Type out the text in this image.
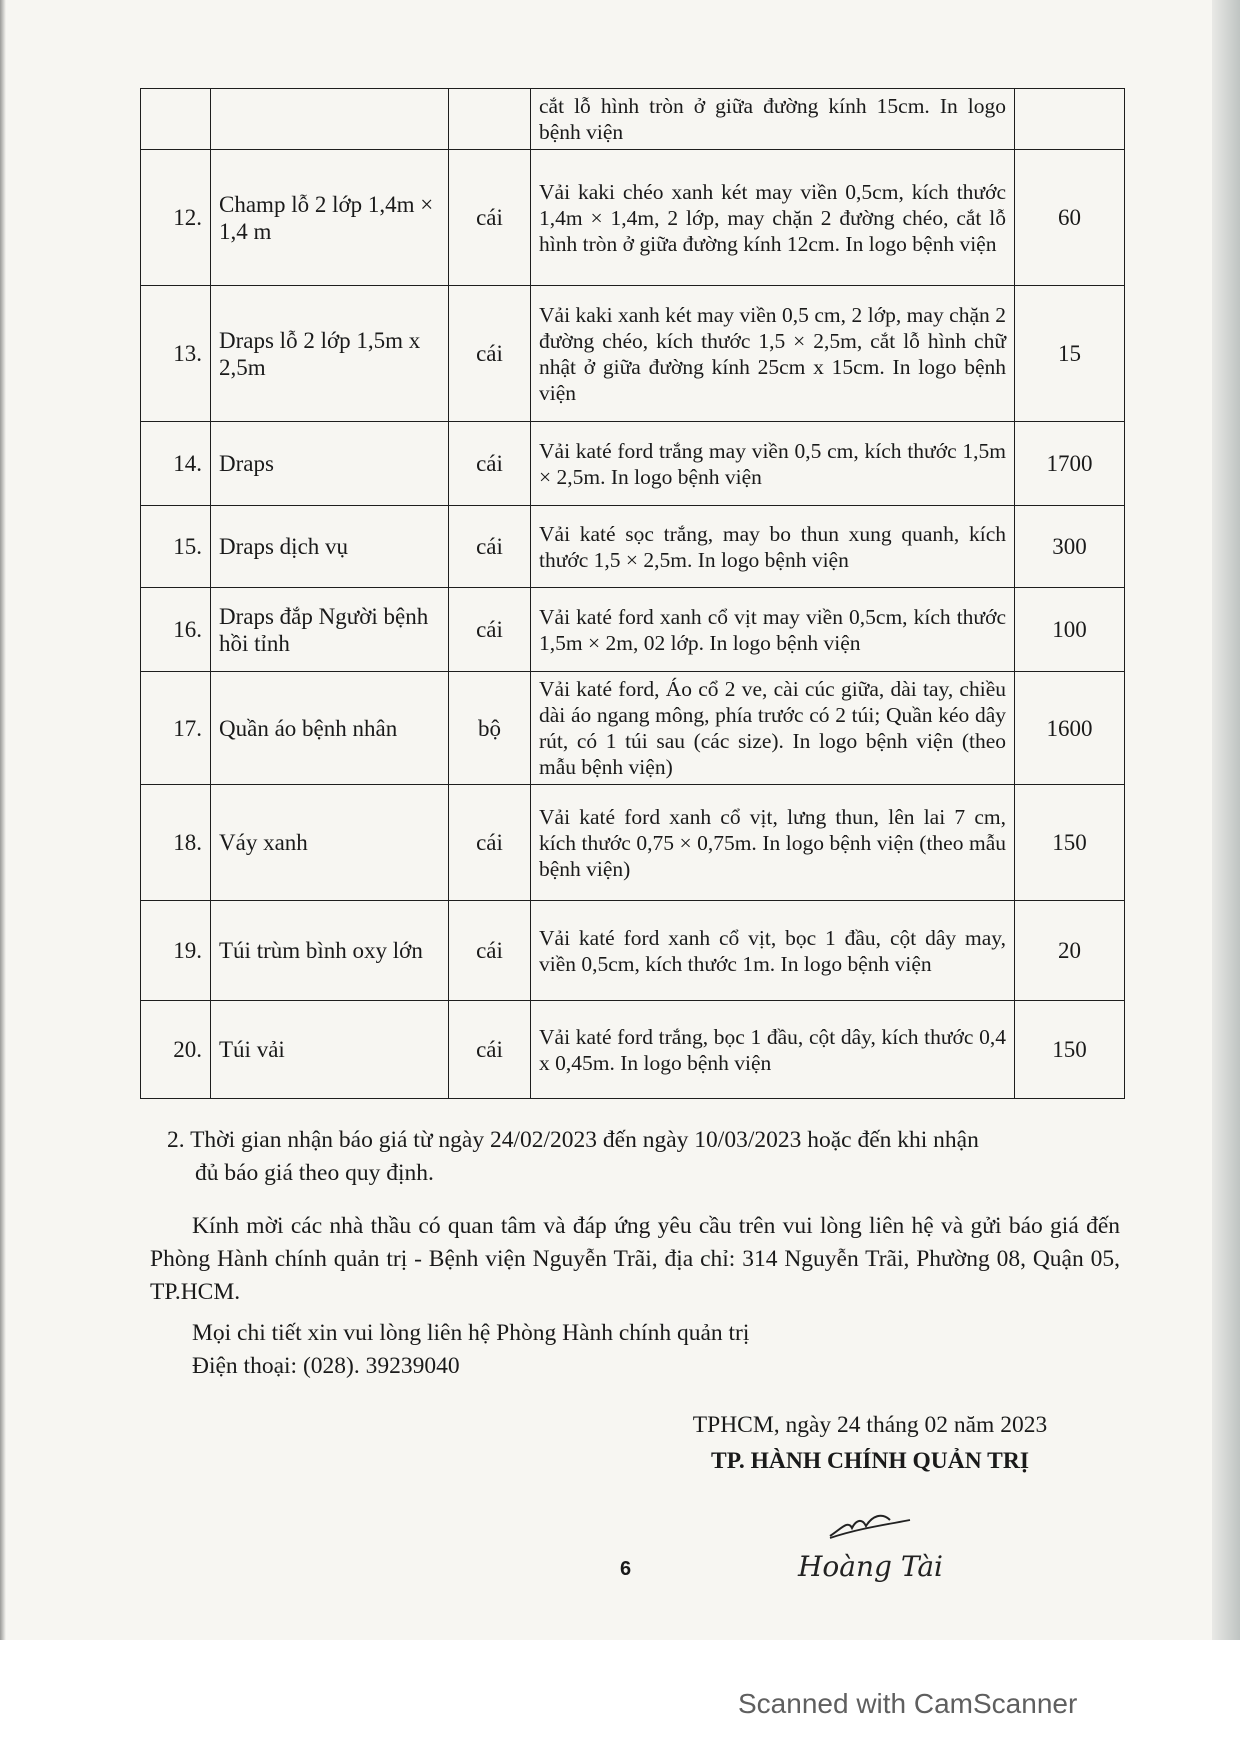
			cắt lỗ hình tròn ở giữa đường kính 15cm. In logo bệnh viện	
12.	Champ lỗ 2 lớp 1,4m × 1,4 m	cái	Vải kaki chéo xanh két may viền 0,5cm, kích thước 1,4m × 1,4m, 2 lớp, may chặn 2 đường chéo, cắt lỗ hình tròn ở giữa đường kính 12cm. In logo bệnh viện	60
13.	Draps lỗ 2 lớp 1,5m x 2,5m	cái	Vải kaki xanh két may viền 0,5 cm, 2 lớp, may chặn 2 đường chéo, kích thước 1,5 × 2,5m, cắt lỗ hình chữ nhật ở giữa đường kính 25cm x 15cm. In logo bệnh viện	15
14.	Draps	cái	Vải katé ford trắng may viền 0,5 cm, kích thước 1,5m × 2,5m. In logo bệnh viện	1700
15.	Draps dịch vụ	cái	Vải katé sọc trắng, may bo thun xung quanh, kích thước 1,5 × 2,5m. In logo bệnh viện	300
16.	Draps đắp Người bệnh hồi tỉnh	cái	Vải katé ford xanh cổ vịt may viền 0,5cm, kích thước 1,5m × 2m, 02 lớp. In logo bệnh viện	100
17.	Quần áo bệnh nhân	bộ	Vải katé ford, Áo cổ 2 ve, cài cúc giữa, dài tay, chiều dài áo ngang mông, phía trước có 2 túi; Quần kéo dây rút, có 1 túi sau (các size). In logo bệnh viện (theo mẫu bệnh viện)	1600
18.	Váy xanh	cái	Vải katé ford xanh cổ vịt, lưng thun, lên lai 7 cm, kích thước 0,75 × 0,75m. In logo bệnh viện (theo mẫu bệnh viện)	150
19.	Túi trùm bình oxy lớn	cái	Vải katé ford xanh cổ vịt, bọc 1 đầu, cột dây may, viền 0,5cm, kích thước 1m. In logo bệnh viện	20
20.	Túi vải	cái	Vải katé ford trắng, bọc 1 đầu, cột dây, kích thước 0,4 x 0,45m. In logo bệnh viện	150
2. Thời gian nhận báo giá từ ngày 24/02/2023 đến ngày 10/03/2023 hoặc đến khi nhận
đủ báo giá theo quy định.
Kính mời các nhà thầu có quan tâm và đáp ứng yêu cầu trên vui lòng liên hệ và gửi báo giá đến Phòng Hành chính quản trị - Bệnh viện Nguyễn Trãi, địa chỉ: 314 Nguyễn Trãi, Phường 08, Quận 05, TP.HCM.
Mọi chi tiết xin vui lòng liên hệ Phòng Hành chính quản trị
Điện thoại: (028). 39239040
TPHCM, ngày 24 tháng 02 năm 2023
TP. HÀNH CHÍNH QUẢN TRỊ
Hoàng Tài
6
Scanned with CamScanner
